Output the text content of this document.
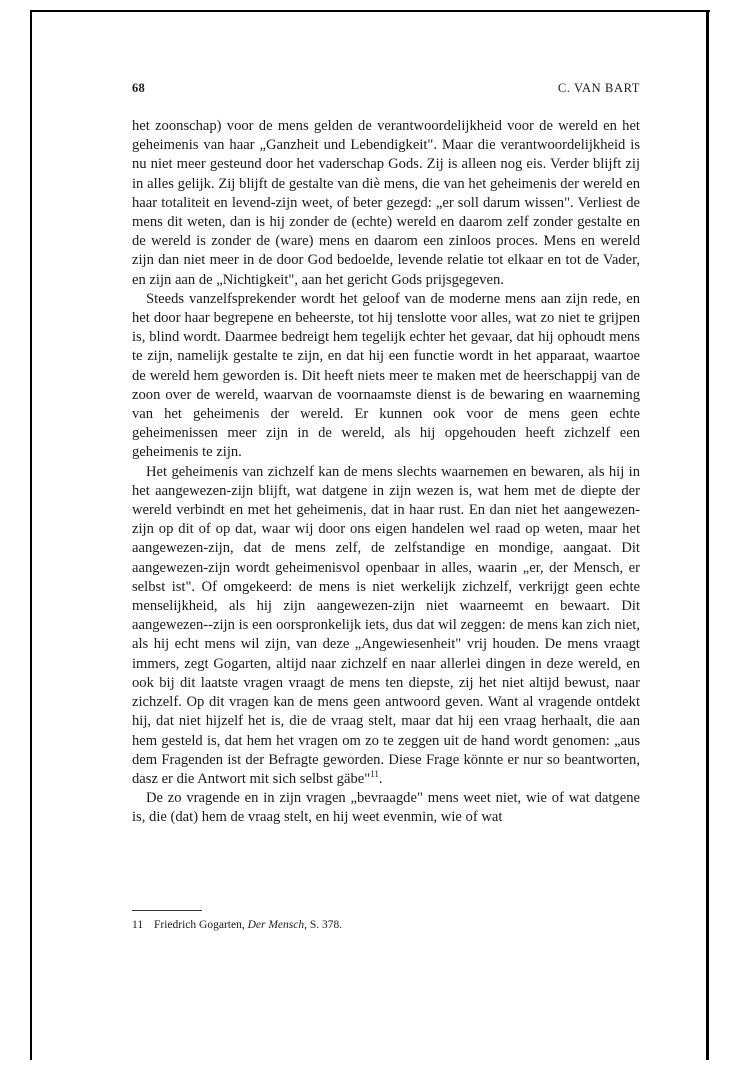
68	C. VAN BART

het zoonschap) voor de mens gelden de verantwoordelijkheid voor de wereld en het geheimenis van haar „Ganzheit und Lebendigkeit". Maar die verantwoordelijkheid is nu niet meer gesteund door het vaderschap Gods. Zij is alleen nog eis. Verder blijft zij in alles gelijk. Zij blijft de gestalte van diè mens, die van het geheimenis der wereld en haar totaliteit en levend-zijn weet, of beter gezegd: „er soll darum wissen". Verliest de mens dit weten, dan is hij zonder de (echte) wereld en daarom zelf zonder gestalte en de wereld is zonder de (ware) mens en daarom een zinloos proces. Mens en wereld zijn dan niet meer in de door God bedoelde, levende relatie tot elkaar en tot de Vader, en zijn aan de „Nichtigkeit", aan het gericht Gods prijsgegeven.

Steeds vanzelfsprekender wordt het geloof van de moderne mens aan zijn rede, en het door haar begrepene en beheerste, tot hij tenslotte voor alles, wat zo niet te grijpen is, blind wordt. Daarmee bedreigt hem tegelijk echter het gevaar, dat hij ophoudt mens te zijn, namelijk gestalte te zijn, en dat hij een functie wordt in het apparaat, waartoe de wereld hem geworden is. Dit heeft niets meer te maken met de heerschappij van de zoon over de wereld, waarvan de voornaamste dienst is de bewaring en waarneming van het geheimenis der wereld. Er kunnen ook voor de mens geen echte geheimenissen meer zijn in de wereld, als hij opgehouden heeft zichzelf een geheimenis te zijn.

Het geheimenis van zichzelf kan de mens slechts waarnemen en bewaren, als hij in het aangewezen-zijn blijft, wat datgene in zijn wezen is, wat hem met de diepte der wereld verbindt en met het geheimenis, dat in haar rust. En dan niet het aangewezen-zijn op dit of op dat, waar wij door ons eigen handelen wel raad op weten, maar het aangewezen-zijn, dat de mens zelf, de zelfstandige en mondige, aangaat. Dit aangewezen-zijn wordt geheimenisvol openbaar in alles, waarin „er, der Mensch, er selbst ist". Of omgekeerd: de mens is niet werkelijk zichzelf, verkrijgt geen echte menselijkheid, als hij zijn aangewezen-zijn niet waarneemt en bewaart. Dit aangewezen--zijn is een oorspronkelijk iets, dus dat wil zeggen: de mens kan zich niet, als hij echt mens wil zijn, van deze „Angewiesenheit" vrij houden. De mens vraagt immers, zegt Gogarten, altijd naar zichzelf en naar allerlei dingen in deze wereld, en ook bij dit laatste vragen vraagt de mens ten diepste, zij het niet altijd bewust, naar zichzelf. Op dit vragen kan de mens geen antwoord geven. Want al vragende ontdekt hij, dat niet hijzelf het is, die de vraag stelt, maar dat hij een vraag herhaalt, die aan hem gesteld is, dat hem het vragen om zo te zeggen uit de hand wordt genomen: „aus dem Fragenden ist der Befragte geworden. Diese Frage könnte er nur so beantworten, dasz er die Antwort mit sich selbst gäbe"$^{11}$.

De zo vragende en in zijn vragen „bevraagde" mens weet niet, wie of wat datgene is, die (dat) hem de vraag stelt, en hij weet evenmin, wie of wat

11 Friedrich Gogarten, Der Mensch, S. 378.
